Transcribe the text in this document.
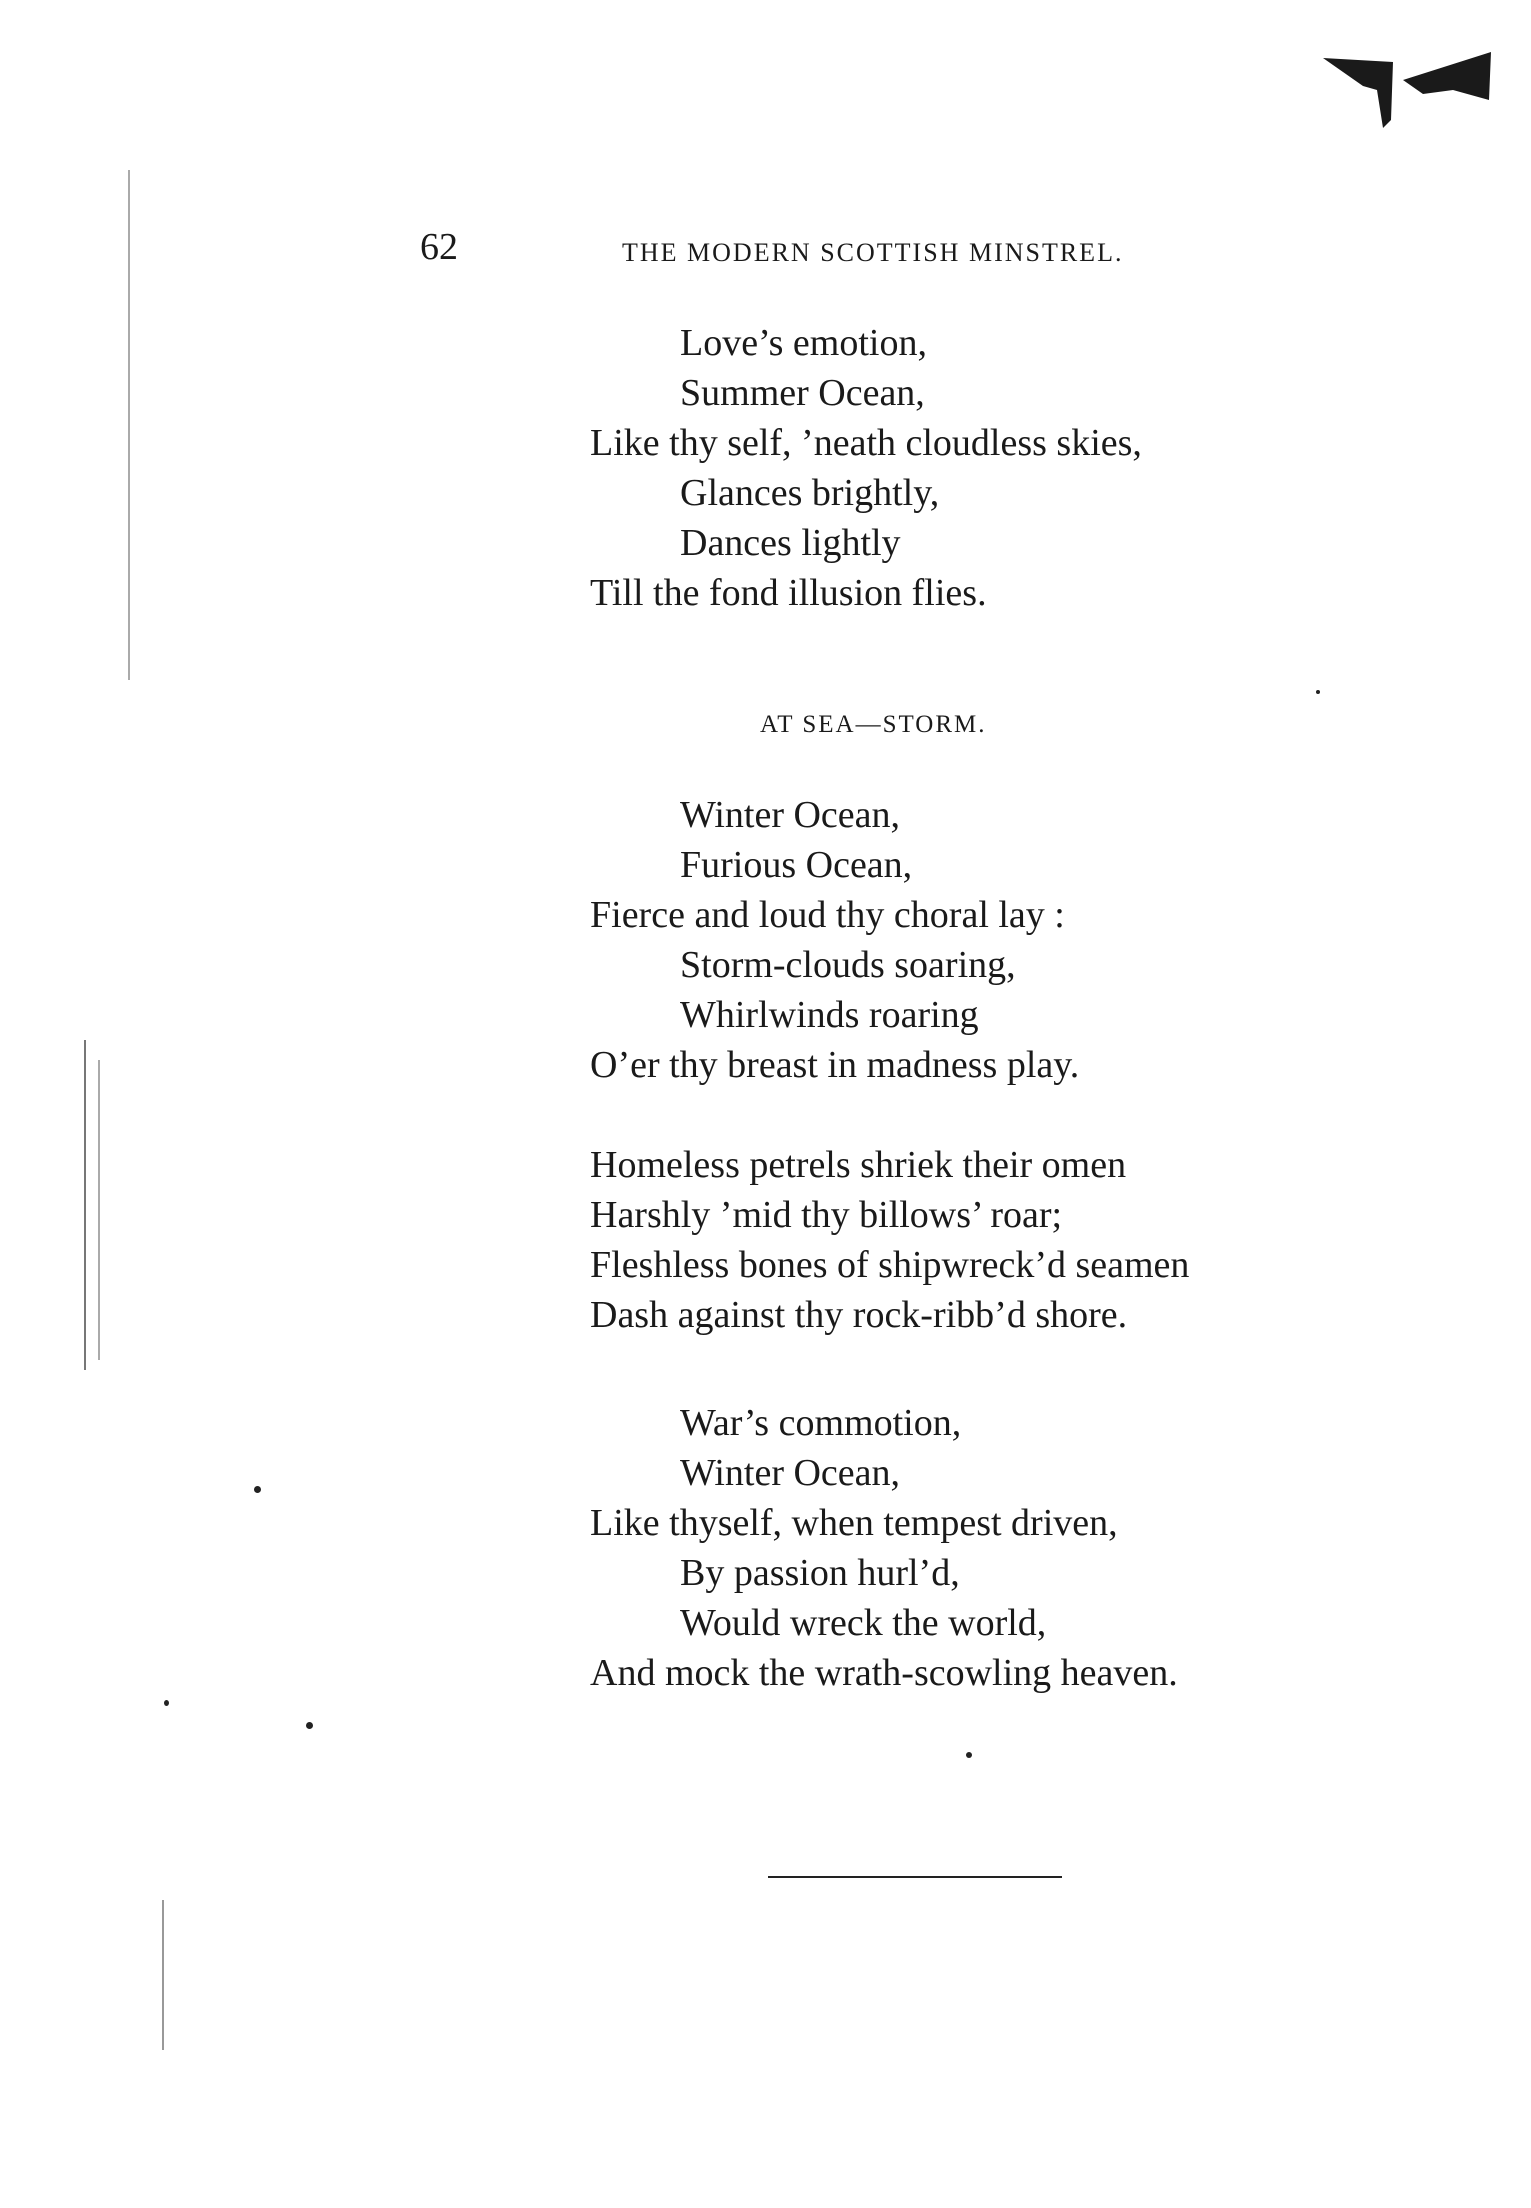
62	THE MODERN SCOTTISH MINSTREL.
Love’s emotion,
Summer Ocean,
Like thy self, ’neath cloudless skies,
Glances brightly,
Dances lightly
Till the fond illusion flies.
AT SEA—STORM.
Winter Ocean,
Furious Ocean,
Fierce and loud thy choral lay :
Storm-clouds soaring,
Whirlwinds roaring
O’er thy breast in madness play.
Homeless petrels shriek their omen
Harshly ’mid thy billows’ roar;
Fleshless bones of shipwreck’d seamen
Dash against thy rock-ribb’d shore.
War’s commotion,
Winter Ocean,
Like thyself, when tempest driven,
By passion hurl’d,
Would wreck the world,
And mock the wrath-scowling heaven.
